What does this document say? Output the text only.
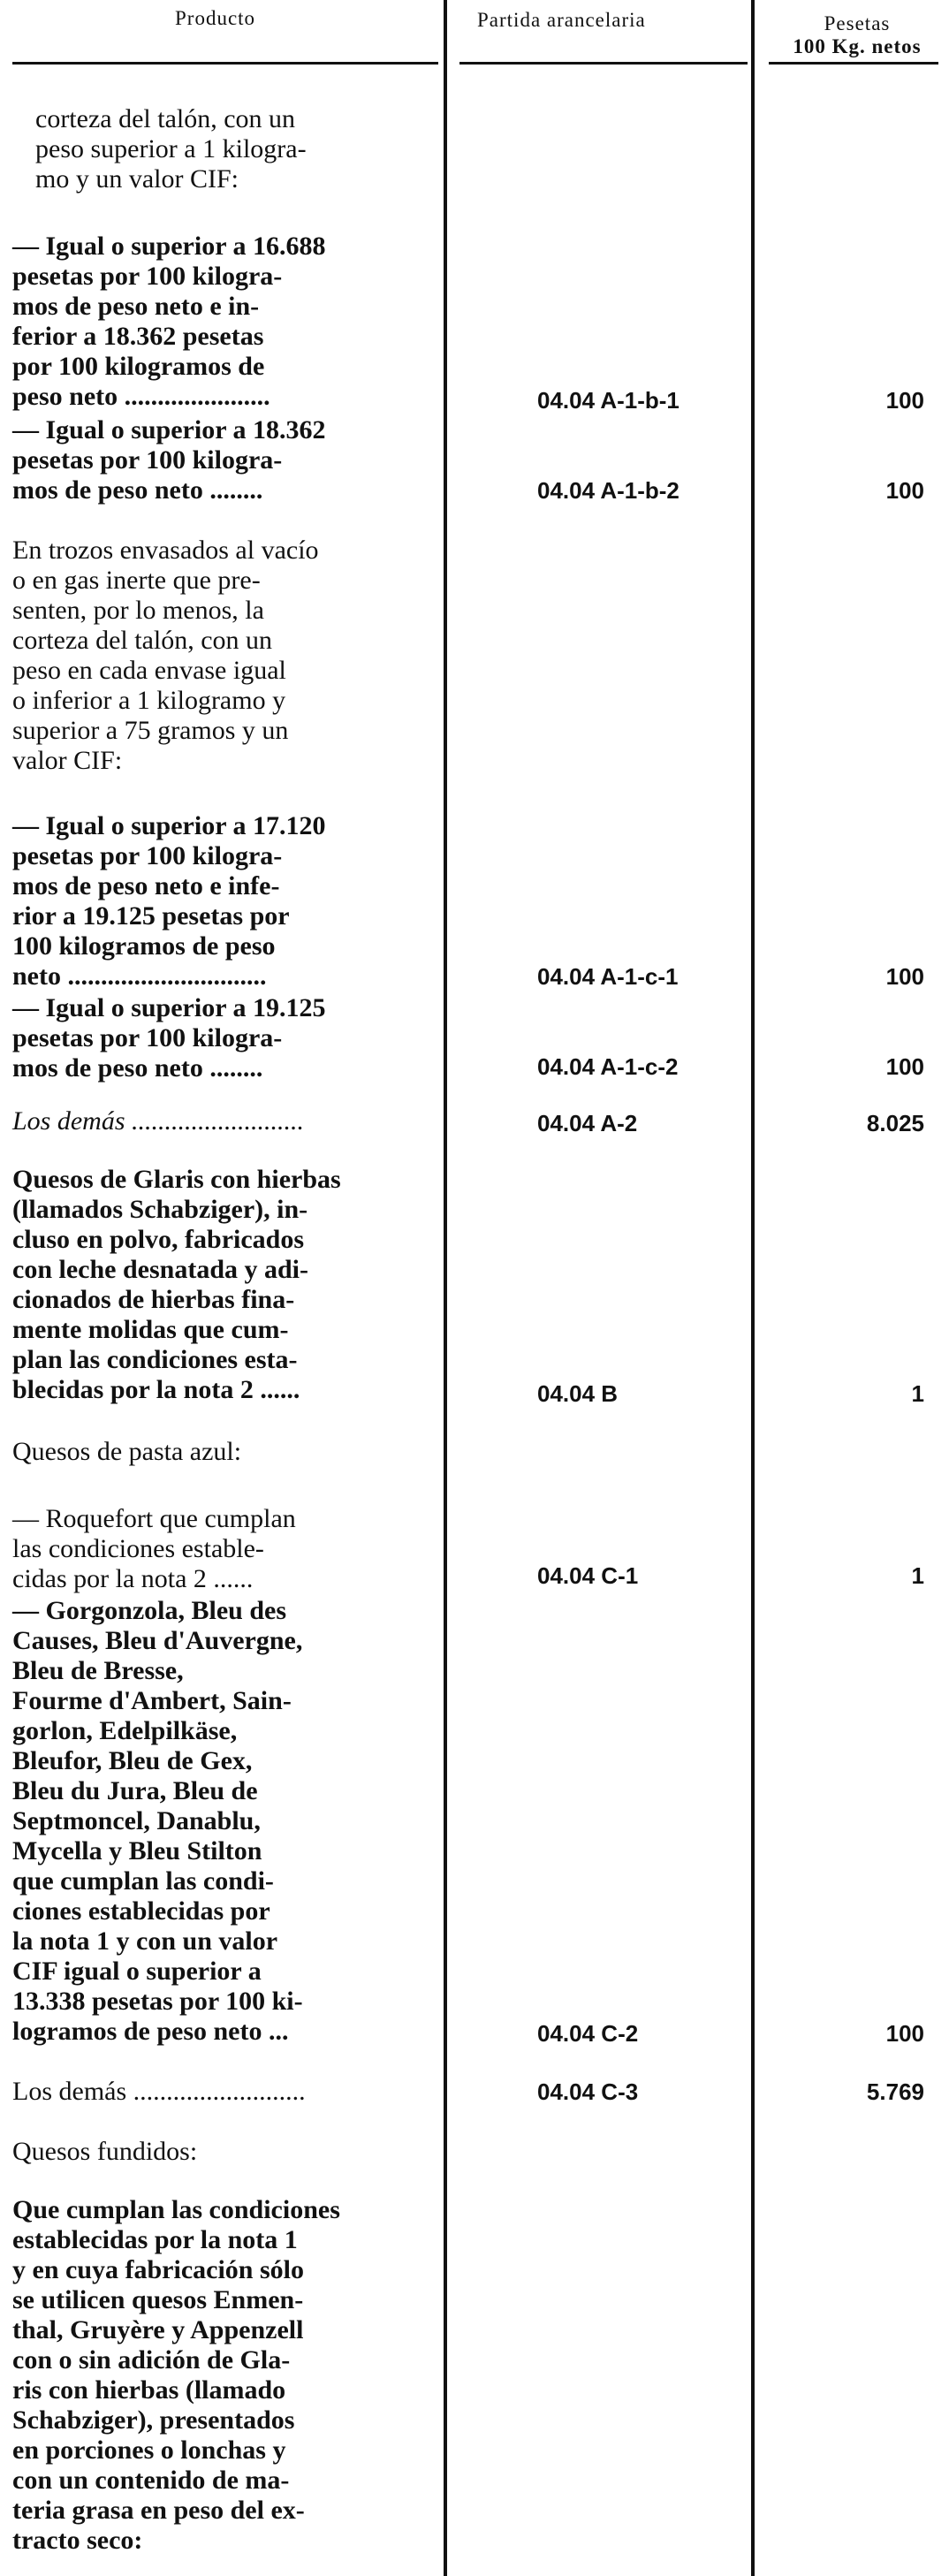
Producto	Partida arancelaria	Pesetas
100 Kg. netos
corteza del talón, con un
peso superior a 1 kilogra-
mo y un valor CIF:
— Igual o superior a 16.688
pesetas por 100 kilogra-
mos de peso neto e in-
ferior a 18.362 pesetas
por 100 kilogramos de
peso neto ......................	04.04 A-1-b-1	100
— Igual o superior a 18.362
pesetas por 100 kilogra-
mos de peso neto ........	04.04 A-1-b-2	100
En trozos envasados al vacío
o en gas inerte que pre-
senten, por lo menos, la
corteza del talón, con un
peso en cada envase igual
o inferior a 1 kilogramo y
superior a 75 gramos y un
valor CIF:
— Igual o superior a 17.120
pesetas por 100 kilogra-
mos de peso neto e infe-
rior a 19.125 pesetas por
100 kilogramos de peso
neto ..............................	04.04 A-1-c-1	100
— Igual o superior a 19.125
pesetas por 100 kilogra-
mos de peso neto ........	04.04 A-1-c-2	100
Los demás ..........................	04.04 A-2	8.025
Quesos de Glaris con hierbas
(llamados Schabziger), in-
cluso en polvo, fabricados
con leche desnatada y adi-
cionados de hierbas fina-
mente molidas que cum-
plan las condiciones esta-
blecidas por la nota 2 ......	04.04 B	1
Quesos de pasta azul:
— Roquefort que cumplan
las condiciones estable-
cidas por la nota 2 ......	04.04 C-1	1
— Gorgonzola, Bleu des
Causes, Bleu d'Auvergne,
Bleu de Bresse,
Fourme d'Ambert, Sain-
gorlon, Edelpilkäse,
Bleufor, Bleu de Gex,
Bleu du Jura, Bleu de
Septmoncel, Danablu,
Mycella y Bleu Stilton
que cumplan las condi-
ciones establecidas por
la nota 1 y con un valor
CIF igual o superior a
13.338 pesetas por 100 ki-
logramos de peso neto ...	04.04 C-2	100
Los demás ..........................	04.04 C-3	5.769
Quesos fundidos:
Que cumplan las condiciones
establecidas por la nota 1
y en cuya fabricación sólo
se utilicen quesos Enmen-
thal, Gruyère y Appenzell
con o sin adición de Gla-
ris con hierbas (llamado
Schabziger), presentados
en porciones o lonchas y
con un contenido de ma-
teria grasa en peso del ex-
tracto seco:
